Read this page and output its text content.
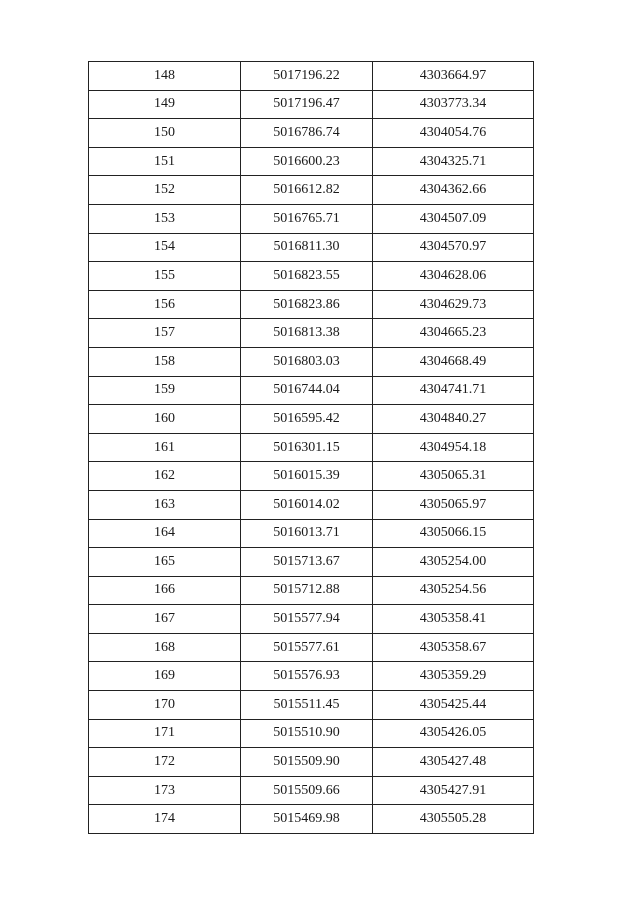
148	5017196.22	4303664.97
149	5017196.47	4303773.34
150	5016786.74	4304054.76
151	5016600.23	4304325.71
152	5016612.82	4304362.66
153	5016765.71	4304507.09
154	5016811.30	4304570.97
155	5016823.55	4304628.06
156	5016823.86	4304629.73
157	5016813.38	4304665.23
158	5016803.03	4304668.49
159	5016744.04	4304741.71
160	5016595.42	4304840.27
161	5016301.15	4304954.18
162	5016015.39	4305065.31
163	5016014.02	4305065.97
164	5016013.71	4305066.15
165	5015713.67	4305254.00
166	5015712.88	4305254.56
167	5015577.94	4305358.41
168	5015577.61	4305358.67
169	5015576.93	4305359.29
170	5015511.45	4305425.44
171	5015510.90	4305426.05
172	5015509.90	4305427.48
173	5015509.66	4305427.91
174	5015469.98	4305505.28
